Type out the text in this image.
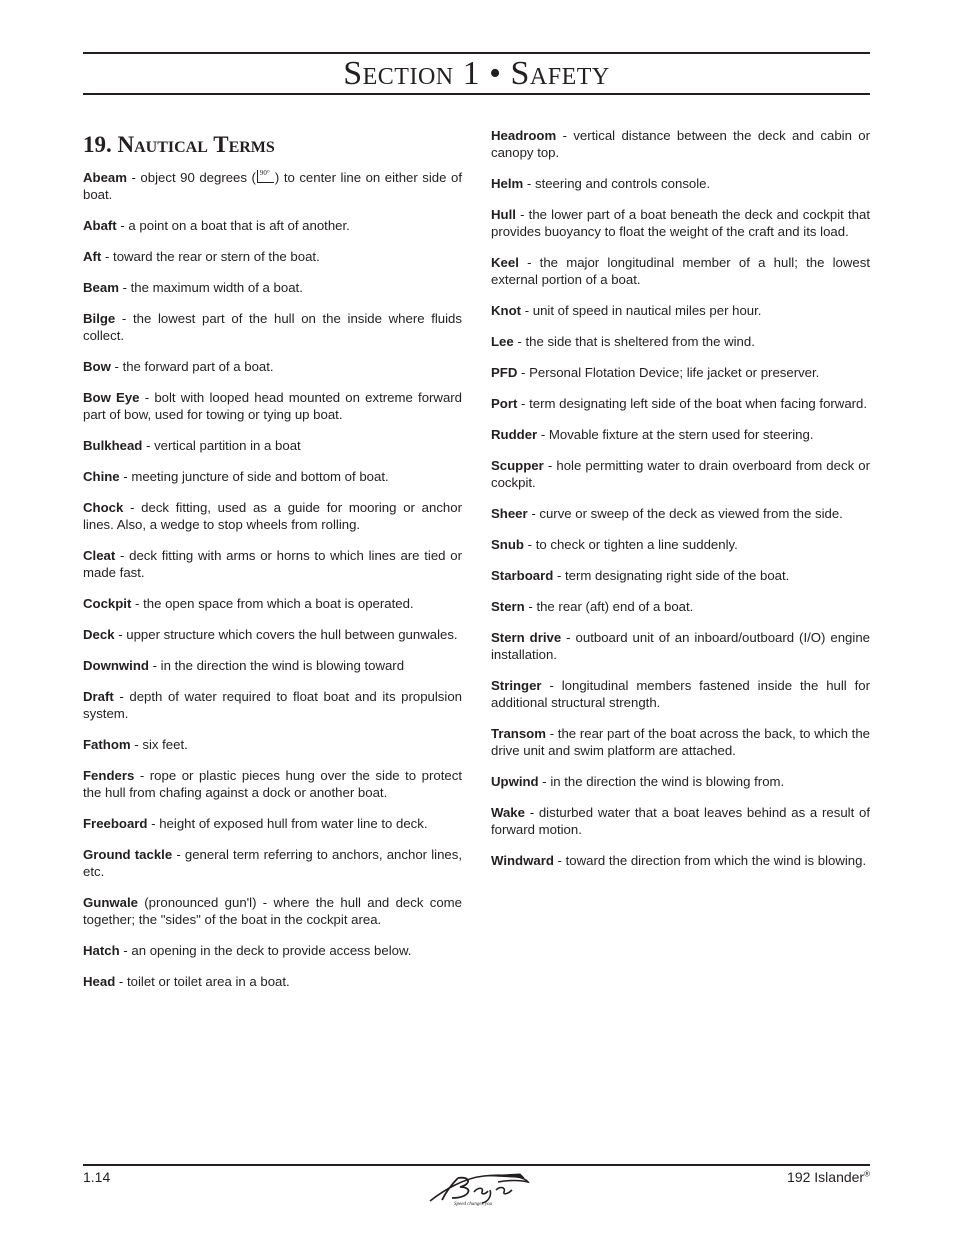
Section 1 • Safety
19. Nautical Terms

Abeam - object 90 degrees ( 90° ) to center line on either side of boat.

Abaft - a point on a boat that is aft of another.

Aft - toward the rear or stern of the boat.

Beam - the maximum width of a boat.

Bilge - the lowest part of the hull on the inside where fluids collect.

Bow - the forward part of a boat.

Bow Eye - bolt with looped head mounted on extreme forward part of bow, used for towing or tying up boat.

Bulkhead - vertical partition in a boat

Chine - meeting juncture of side and bottom of boat.

Chock - deck fitting, used as a guide for mooring or anchor lines. Also, a wedge to stop wheels from rolling.

Cleat - deck fitting with arms or horns to which lines are tied or made fast.

Cockpit - the open space from which a boat is operated.

Deck - upper structure which covers the hull between gunwales.

Downwind - in the direction the wind is blowing toward

Draft - depth of water required to float boat and its propulsion system.

Fathom - six feet.

Fenders - rope or plastic pieces hung over the side to protect the hull from chafing against a dock or another boat.

Freeboard - height of exposed hull from water line to deck.

Ground tackle - general term referring to anchors, anchor lines, etc.

Gunwale (pronounced gun'l) - where the hull and deck come together; the "sides" of the boat in the cockpit area.

Hatch - an opening in the deck to provide access below.

Head - toilet or toilet area in a boat.

Headroom - vertical distance between the deck and cabin or canopy top.

Helm - steering and controls console.

Hull - the lower part of a boat beneath the deck and cockpit that provides buoyancy to float the weight of the craft and its load.

Keel - the major longitudinal member of a hull; the lowest external portion of a boat.

Knot - unit of speed in nautical miles per hour.

Lee - the side that is sheltered from the wind.

PFD - Personal Flotation Device; life jacket or preserver.

Port - term designating left side of the boat when facing forward.

Rudder - Movable fixture at the stern used for steering.

Scupper - hole permitting water to drain overboard from deck or cockpit.

Sheer - curve or sweep of the deck as viewed from the side.

Snub - to check or tighten a line suddenly.

Starboard - term designating right side of the boat.

Stern - the rear (aft) end of a boat.

Stern drive - outboard unit of an inboard/outboard (I/O) engine installation.

Stringer - longitudinal members fastened inside the hull for additional structural strength.

Transom - the rear part of the boat across the back, to which the drive unit and swim platform are attached.

Upwind - in the direction the wind is blowing from.

Wake - disturbed water that a boat leaves behind as a result of forward motion.

Windward - toward the direction from which the wind is blowing.

1.14
Speed changes you
192 Islander®
